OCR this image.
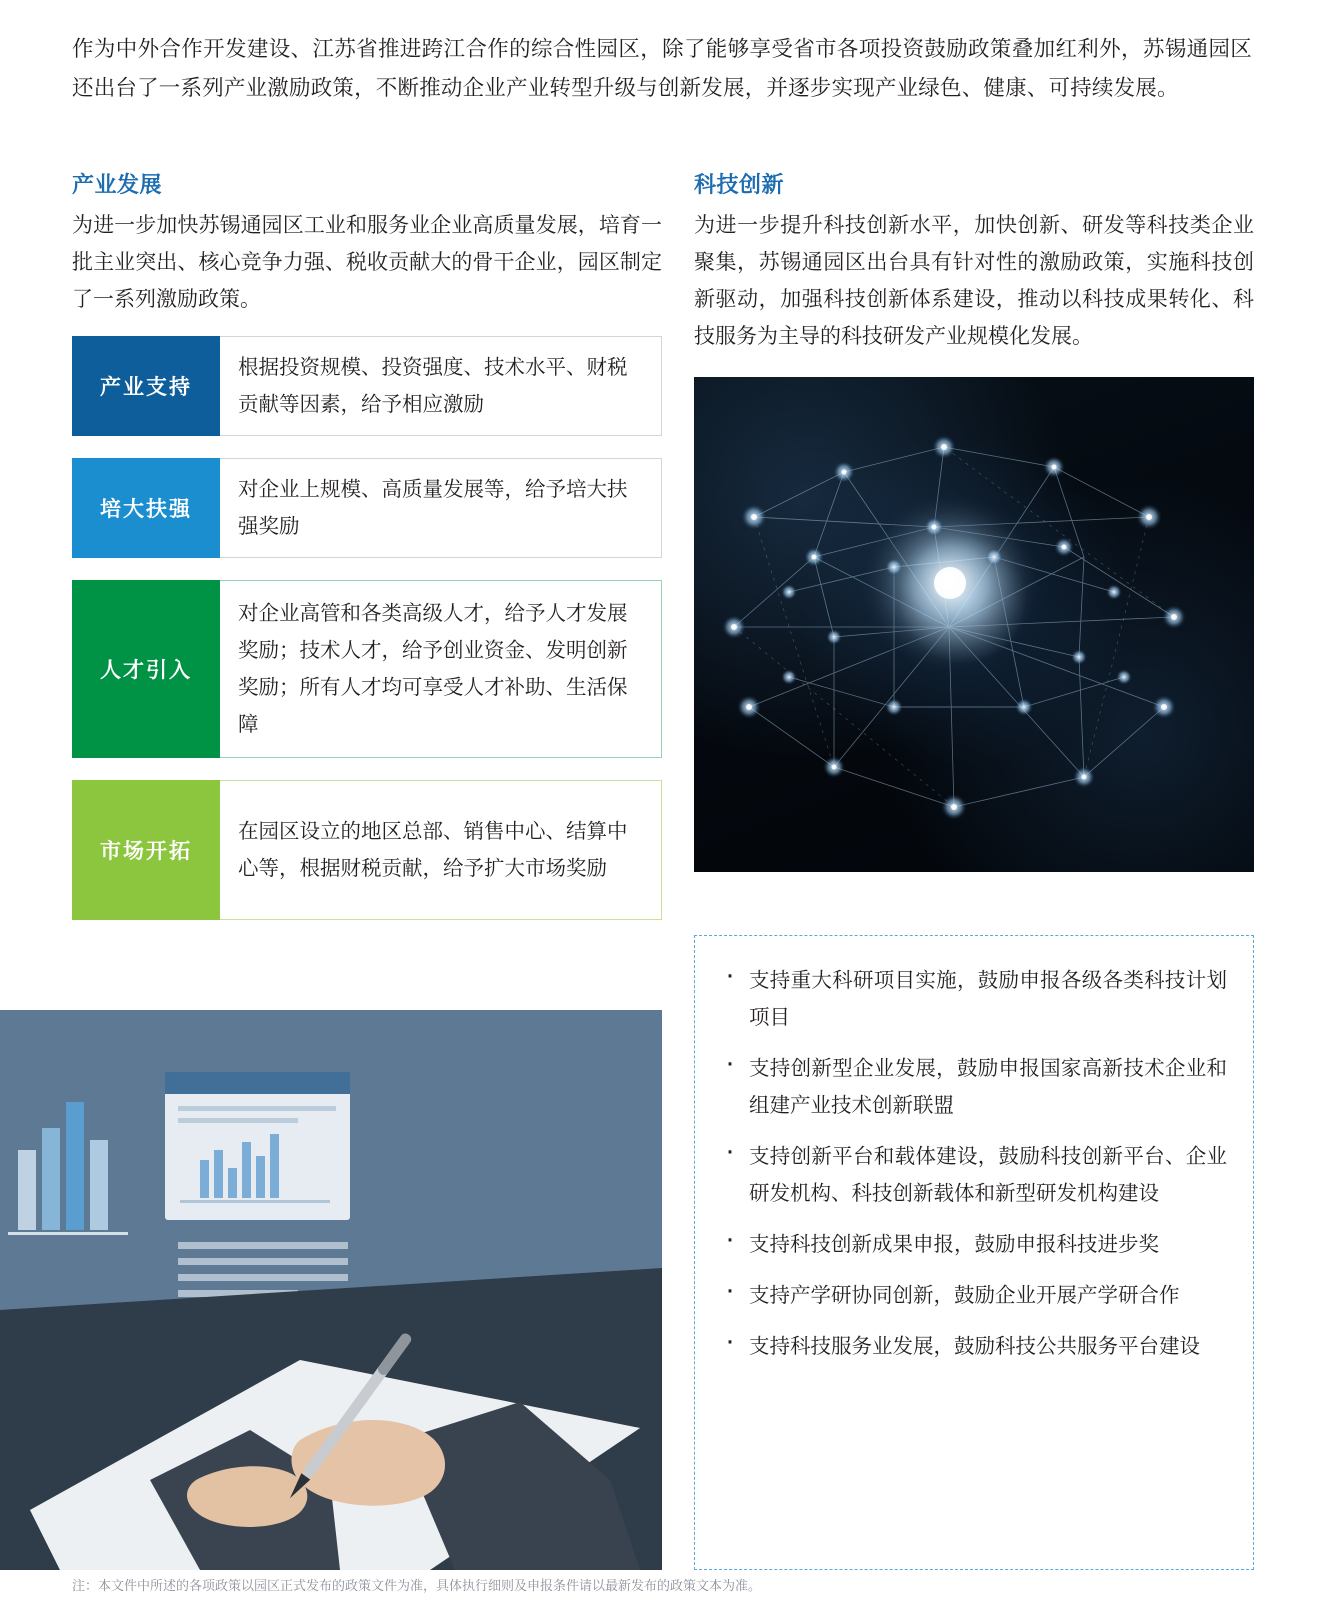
作为中外合作开发建设、江苏省推进跨江合作的综合性园区，除了能够享受省市各项投资鼓励政策叠加红利外，苏锡通园区还出台了一系列产业激励政策，不断推动企业产业转型升级与创新发展，并逐步实现产业绿色、健康、可持续发展。
产业发展

为进一步加快苏锡通园区工业和服务业企业高质量发展，培育一批主业突出、核心竞争力强、税收贡献大的骨干企业，园区制定了一系列激励政策。

产业支持
根据投资规模、投资强度、技术水平、财税贡献等因素，给予相应激励
培大扶强
对企业上规模、高质量发展等，给予培大扶强奖励
人才引入
对企业高管和各类高级人才，给予人才发展奖励；技术人才，给予创业资金、发明创新奖励；所有人才均可享受人才补助、生活保障
市场开拓
在园区设立的地区总部、销售中心、结算中心等，根据财税贡献，给予扩大市场奖励
科技创新

为进一步提升科技创新水平，加快创新、研发等科技类企业聚集，苏锡通园区出台具有针对性的激励政策，实施科技创新驱动，加强科技创新体系建设，推动以科技成果转化、科技服务为主导的科技研发产业规模化发展。

· 支持重大科研项目实施，鼓励申报各级各类科技计划项目
· 支持创新型企业发展，鼓励申报国家高新技术企业和组建产业技术创新联盟
· 支持创新平台和载体建设，鼓励科技创新平台、企业研发机构、科技创新载体和新型研发机构建设
· 支持科技创新成果申报，鼓励申报科技进步奖
· 支持产学研协同创新，鼓励企业开展产学研合作
· 支持科技服务业发展，鼓励科技公共服务平台建设
注：本文件中所述的各项政策以园区正式发布的政策文件为准，具体执行细则及申报条件请以最新发布的政策文本为准。
